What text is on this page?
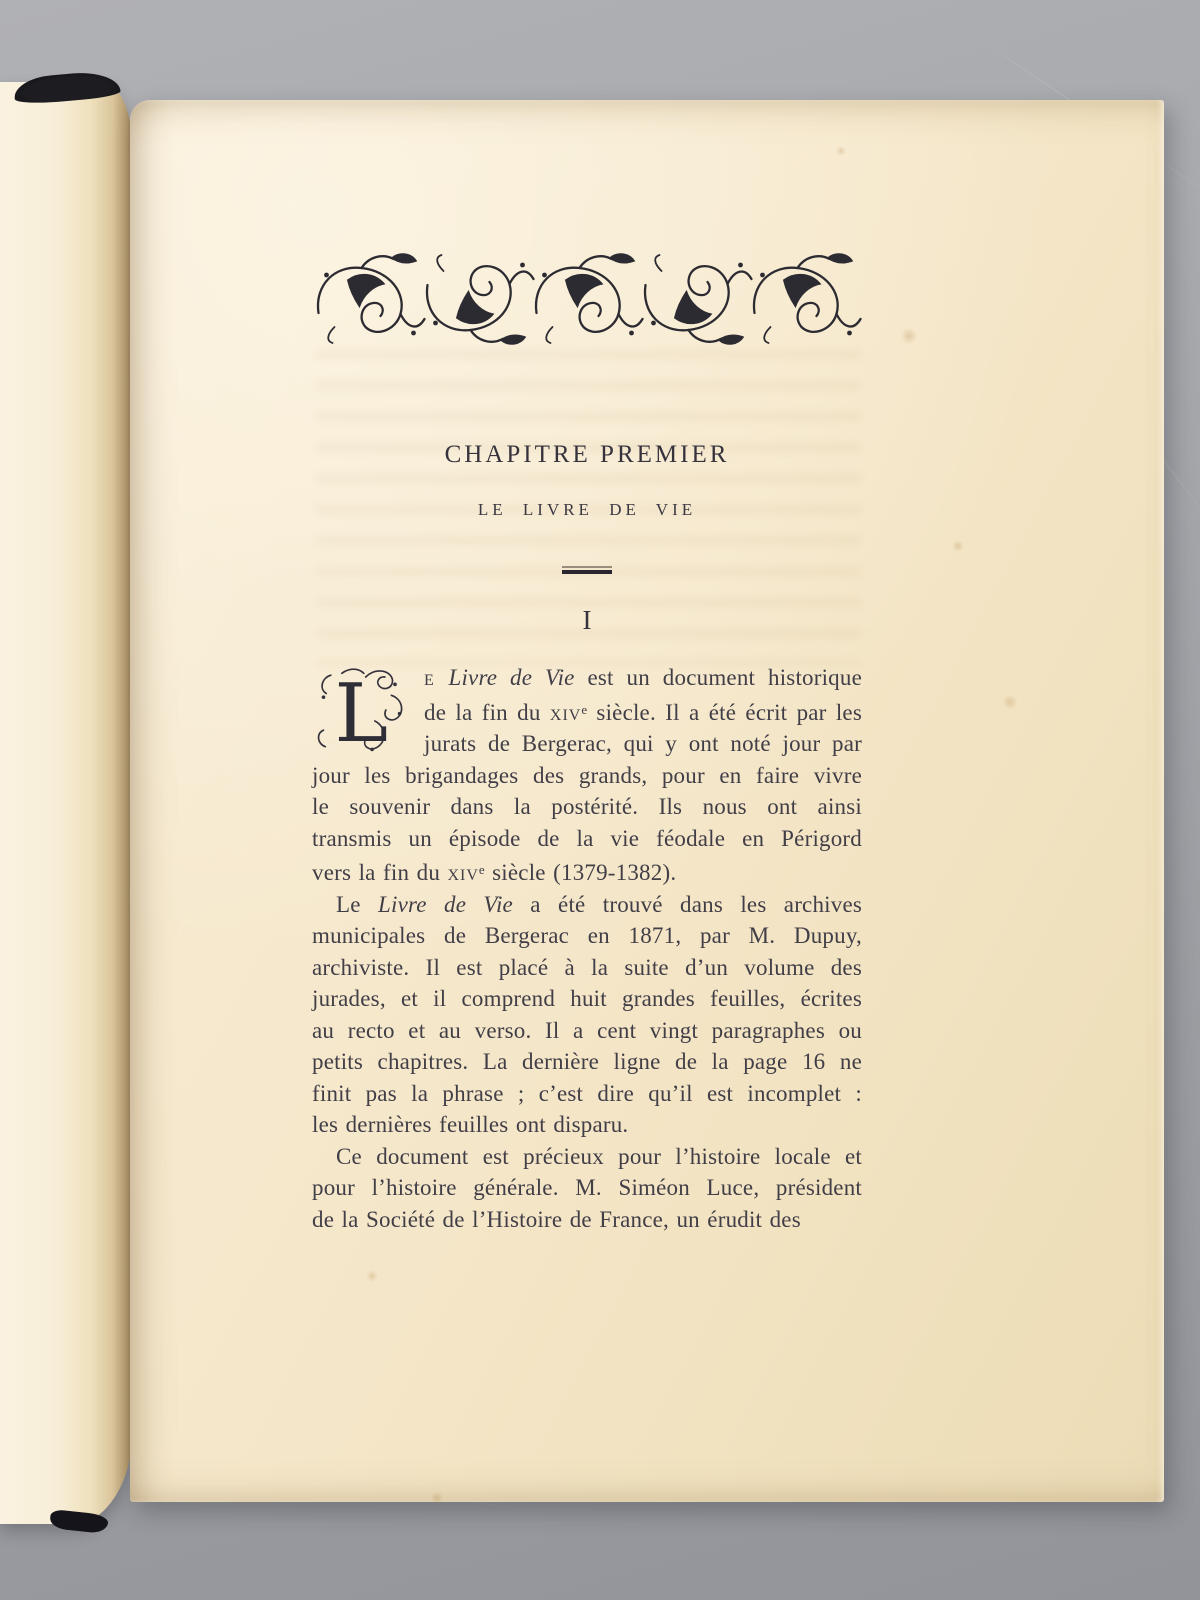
CHAPITRE PREMIER
LE LIVRE DE VIE
I
L	e Livre de Vie est un document historique
de la fin du xiv$^e$ siècle. Il a été écrit par les
jurats de Bergerac, qui y ont noté jour par
jour les brigandages des grands, pour en faire vivre
le souvenir dans la postérité. Ils nous ont ainsi
transmis un épisode de la vie féodale en Périgord
vers la fin du xiv$^e$ siècle (1379-1382).
Le Livre de Vie a été trouvé dans les archives
municipales de Bergerac en 1871, par M. Dupuy,
archiviste. Il est placé à la suite d’un volume des
jurades, et il comprend huit grandes feuilles, écrites
au recto et au verso. Il a cent vingt paragraphes ou
petits chapitres. La dernière ligne de la page 16 ne
finit pas la phrase ; c’est dire qu’il est incomplet :
les dernières feuilles ont disparu.
Ce document est précieux pour l’histoire locale et
pour l’histoire générale. M. Siméon Luce, président
de la Société de l’Histoire de France, un érudit des
